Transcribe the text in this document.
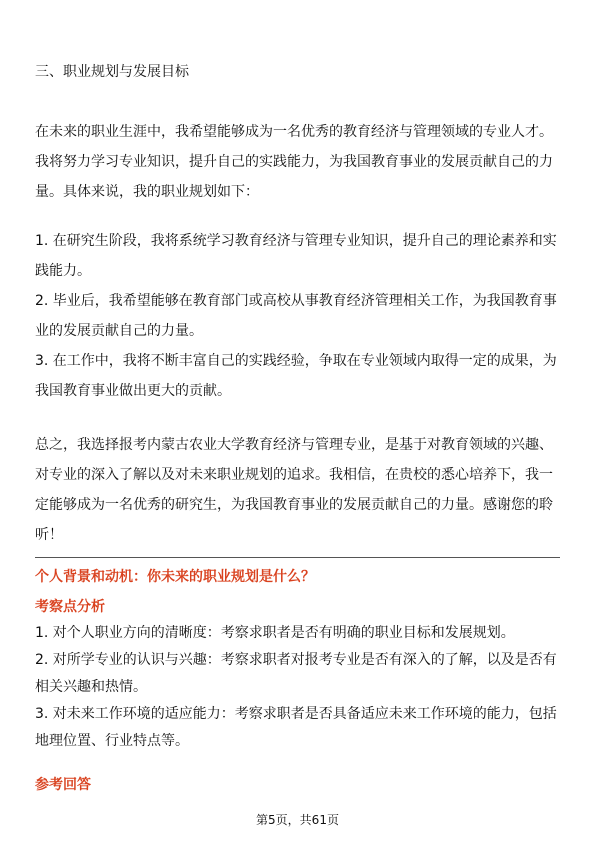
三、职业规划与发展目标

在未来的职业生涯中，我希望能够成为一名优秀的教育经济与管理领域的专业人才。我将努力学习专业知识，提升自己的实践能力，为我国教育事业的发展贡献自己的力量。具体来说，我的职业规划如下：

1. 在研究生阶段，我将系统学习教育经济与管理专业知识，提升自己的理论素养和实践能力。
2. 毕业后，我希望能够在教育部门或高校从事教育经济管理相关工作，为我国教育事业的发展贡献自己的力量。
3. 在工作中，我将不断丰富自己的实践经验，争取在专业领域内取得一定的成果，为我国教育事业做出更大的贡献。

总之，我选择报考内蒙古农业大学教育经济与管理专业，是基于对教育领域的兴趣、对专业的深入了解以及对未来职业规划的追求。我相信，在贵校的悉心培养下，我一定能够成为一名优秀的研究生，为我国教育事业的发展贡献自己的力量。感谢您的聆听！

个人背景和动机：你未来的职业规划是什么？

考察点分析

1. 对个人职业方向的清晰度：考察求职者是否有明确的职业目标和发展规划。
2. 对所学专业的认识与兴趣：考察求职者对报考专业是否有深入的了解，以及是否有相关兴趣和热情。
3. 对未来工作环境的适应能力：考察求职者是否具备适应未来工作环境的能力，包括地理位置、行业特点等。

参考回答

第5页，共61页
